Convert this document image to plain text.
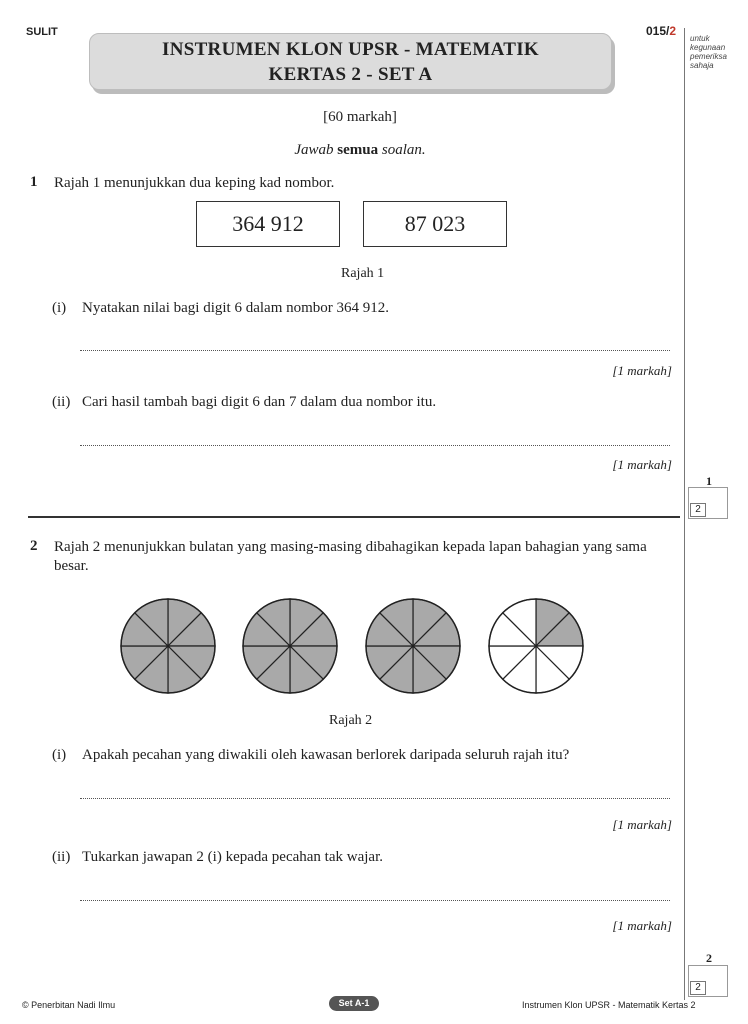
SULIT	015/2
INSTRUMEN KLON UPSR - MATEMATIK
KERTAS 2 - SET A
untuk kegunaan pemeriksa sahaja
[60 markah]
Jawab semua soalan.
1 Rajah 1 menunjukkan dua keping kad nombor.
364 912	87 023
Rajah 1
(i) Nyatakan nilai bagi digit 6 dalam nombor 364 912.
[1 markah]
(ii) Cari hasil tambah bagi digit 6 dan 7 dalam dua nombor itu.
[1 markah]
1
2
2 Rajah 2 menunjukkan bulatan yang masing-masing dibahagikan kepada lapan bahagian yang sama besar.
Rajah 2
(i) Apakah pecahan yang diwakili oleh kawasan berlorek daripada seluruh rajah itu?
[1 markah]
(ii) Tukarkan jawapan 2 (i) kepada pecahan tak wajar.
[1 markah]
2
2
© Penerbitan Nadi Ilmu	Set A-1	Instrumen Klon UPSR - Matematik Kertas 2
